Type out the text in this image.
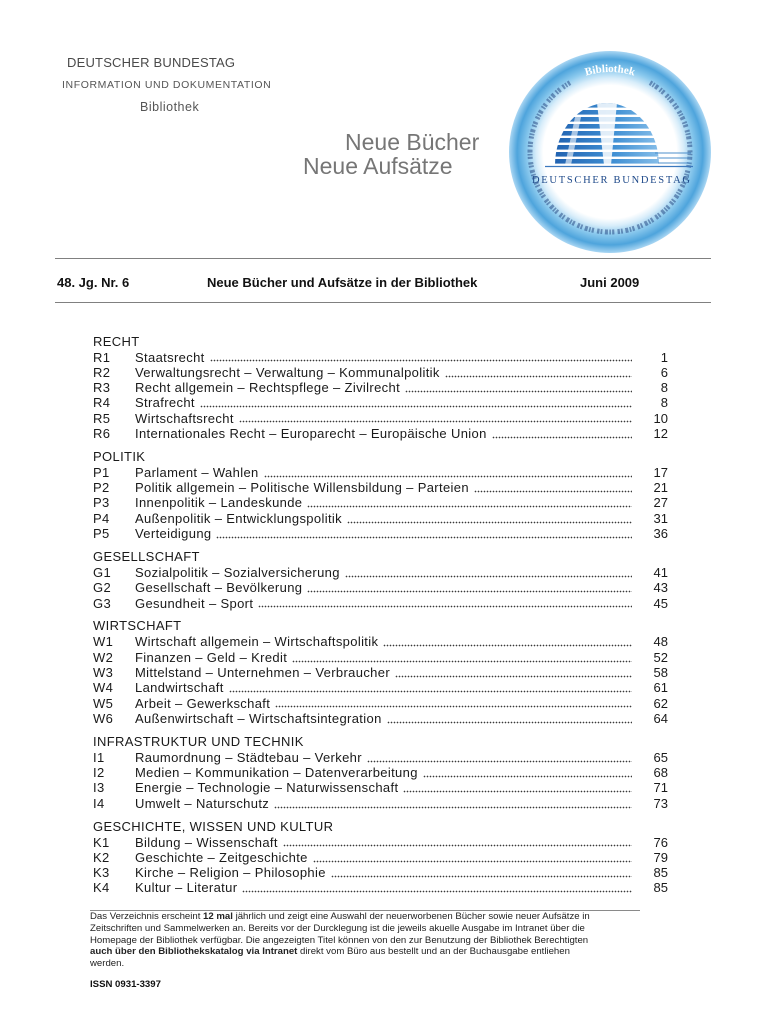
DEUTSCHER BUNDESTAG
INFORMATION UND DOKUMENTATION
Bibliothek
Neue Bücher
Neue Aufsätze
Bibliothek
DEUTSCHER BUNDESTAG
48. Jg. Nr. 6	Neue Bücher und Aufsätze in der Bibliothek	Juni 2009
RECHT
R1	Staatsrecht	1
R2	Verwaltungsrecht – Verwaltung – Kommunalpolitik	6
R3	Recht allgemein – Rechtspflege – Zivilrecht	8
R4	Strafrecht	8
R5	Wirtschaftsrecht	10
R6	Internationales Recht – Europarecht – Europäische Union	12
POLITIK
P1	Parlament – Wahlen	17
P2	Politik allgemein – Politische Willensbildung – Parteien	21
P3	Innenpolitik – Landeskunde	27
P4	Außenpolitik – Entwicklungspolitik	31
P5	Verteidigung	36
GESELLSCHAFT
G1	Sozialpolitik – Sozialversicherung	41
G2	Gesellschaft – Bevölkerung	43
G3	Gesundheit – Sport	45
WIRTSCHAFT
W1	Wirtschaft allgemein – Wirtschaftspolitik	48
W2	Finanzen – Geld – Kredit	52
W3	Mittelstand – Unternehmen – Verbraucher	58
W4	Landwirtschaft	61
W5	Arbeit – Gewerkschaft	62
W6	Außenwirtschaft – Wirtschaftsintegration	64
INFRASTRUKTUR UND TECHNIK
I1	Raumordnung – Städtebau – Verkehr	65
I2	Medien – Kommunikation – Datenverarbeitung	68
I3	Energie – Technologie – Naturwissenschaft	71
I4	Umwelt – Naturschutz	73
GESCHICHTE, WISSEN UND KULTUR
K1	Bildung – Wissenschaft	76
K2	Geschichte – Zeitgeschichte	79
K3	Kirche – Religion – Philosophie	85
K4	Kultur – Literatur	85
Das Verzeichnis erscheint 12 mal jährlich und zeigt eine Auswahl der neuerworbenen Bücher sowie neuer Aufsätze in
Zeitschriften und Sammelwerken an. Bereits vor der Durcklegung ist die jeweils akuelle Ausgabe im Intranet über die
Homepage der Bibliothek verfügbar. Die angezeigten Titel können von den zur Benutzung der Bibliothek Berechtigten
auch über den Bibliothekskatalog via Intranet direkt vom Büro aus bestellt und an der Buchausgabe entliehen
werden.
ISSN 0931-3397
